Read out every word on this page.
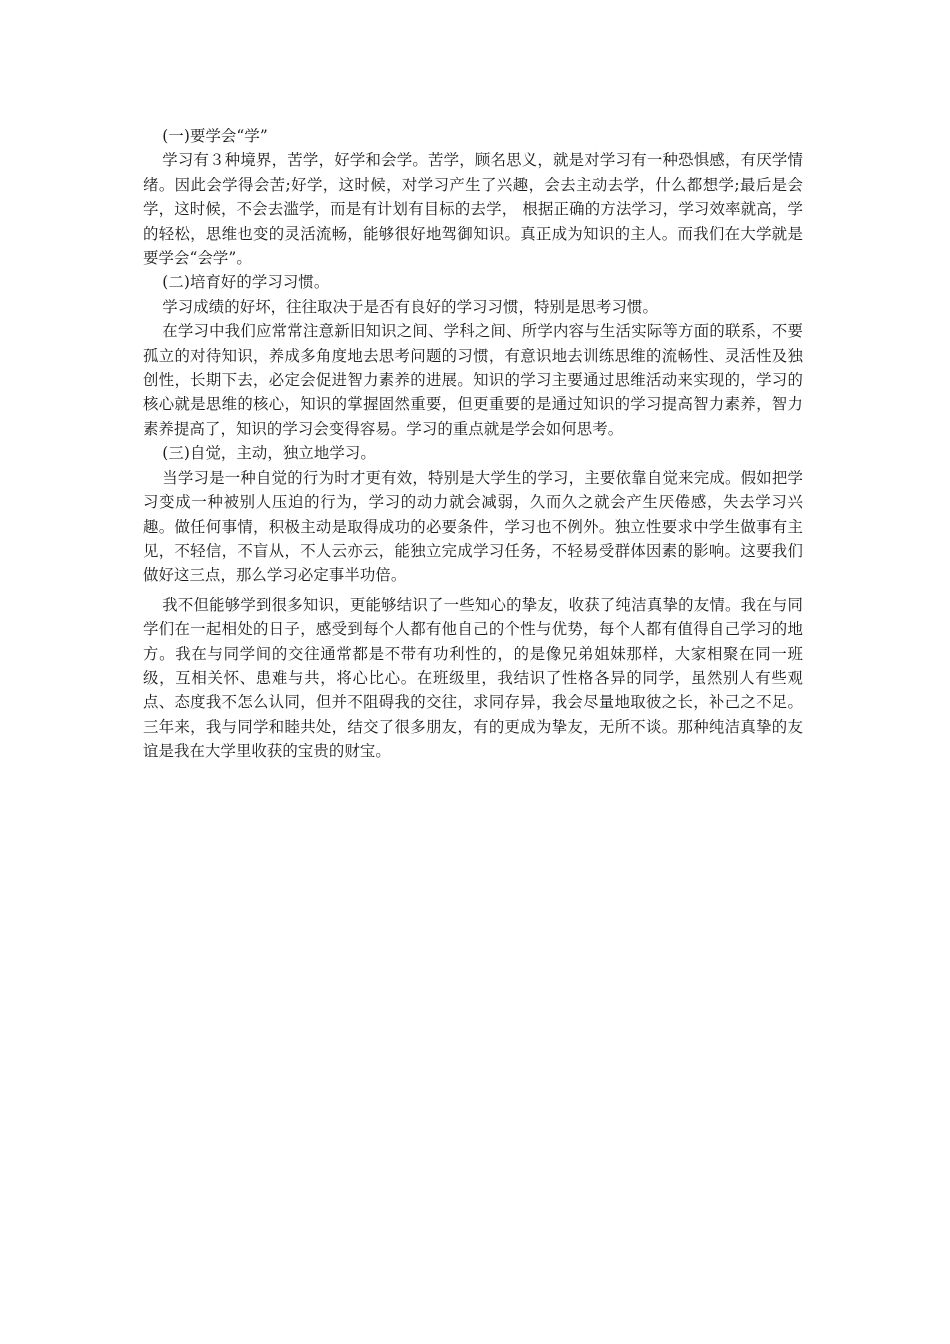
(一)要学会“学”

学习有３种境界，苦学，好学和会学。苦学，顾名思义，就是对学习有一种恐惧感，有厌学情绪。因此会学得会苦;好学，这时候，对学习产生了兴趣，会去主动去学，什么都想学;最后是会学，这时候，不会去滥学，而是有计划有目标的去学， 根据正确的方法学习，学习效率就高，学的轻松，思维也变的灵活流畅，能够很好地驾御知识。真正成为知识的主人。而我们在大学就是要学会“会学”。

(二)培育好的学习习惯。

学习成绩的好坏，往往取决于是否有良好的学习习惯，特别是思考习惯。

在学习中我们应常常注意新旧知识之间、学科之间、所学内容与生活实际等方面的联系，不要孤立的对待知识，养成多角度地去思考问题的习惯，有意识地去训练思维的流畅性、灵活性及独创性，长期下去，必定会促进智力素养的进展。知识的学习主要通过思维活动来实现的，学习的核心就是思维的核心，知识的掌握固然重要，但更重要的是通过知识的学习提高智力素养，智力素养提高了，知识的学习会变得容易。学习的重点就是学会如何思考。

(三)自觉，主动，独立地学习。

当学习是一种自觉的行为时才更有效，特别是大学生的学习，主要依靠自觉来完成。假如把学习变成一种被别人压迫的行为，学习的动力就会减弱，久而久之就会产生厌倦感，失去学习兴趣。做任何事情，积极主动是取得成功的必要条件，学习也不例外。独立性要求中学生做事有主见，不轻信，不盲从，不人云亦云，能独立完成学习任务，不轻易受群体因素的影响。这要我们做好这三点，那么学习必定事半功倍。

我不但能够学到很多知识，更能够结识了一些知心的挚友，收获了纯洁真挚的友情。我在与同学们在一起相处的日子，感受到每个人都有他自己的个性与优势，每个人都有值得自己学习的地方。我在与同学间的交往通常都是不带有功利性的，的是像兄弟姐妹那样，大家相聚在同一班级，互相关怀、患难与共，将心比心。在班级里，我结识了性格各异的同学，虽然别人有些观点、态度我不怎么认同，但并不阻碍我的交往，求同存异，我会尽量地取彼之长，补己之不足。三年来，我与同学和睦共处，结交了很多朋友，有的更成为挚友，无所不谈。那种纯洁真挚的友谊是我在大学里收获的宝贵的财宝。
